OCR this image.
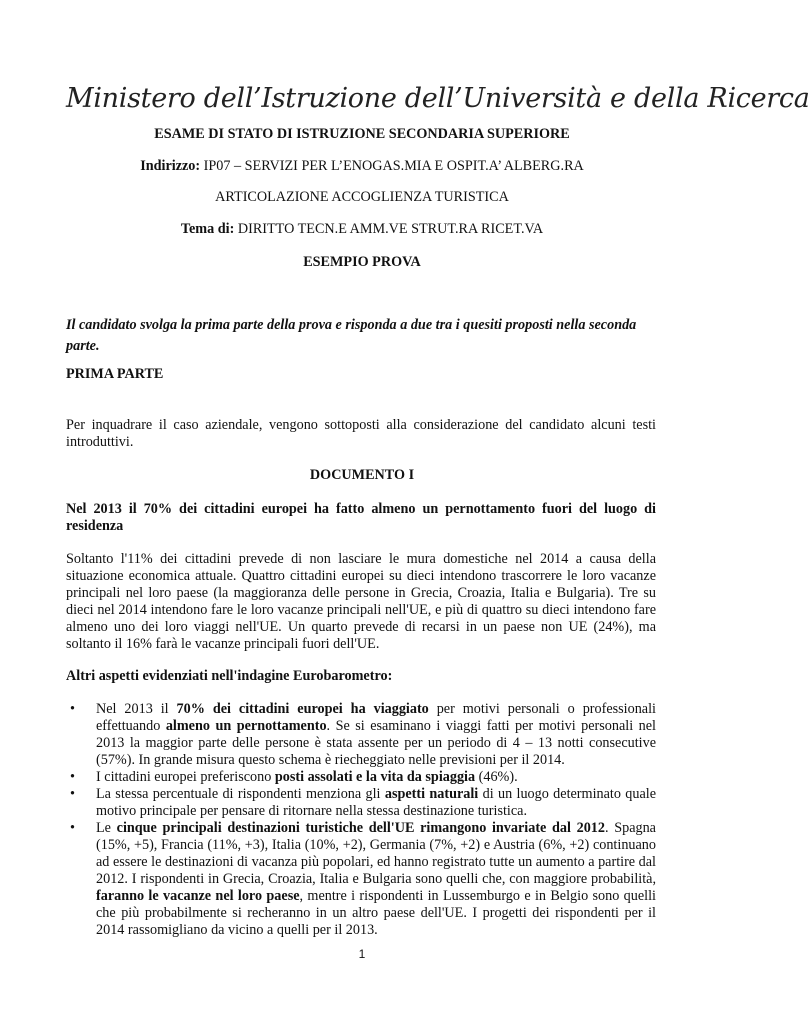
Ministero dell’Istruzione dell’Università e della Ricerca
ESAME DI STATO DI ISTRUZIONE SECONDARIA SUPERIORE
Indirizzo: IP07 – SERVIZI PER L’ENOGAS.MIA E OSPIT.A’ ALBERG.RA
ARTICOLAZIONE ACCOGLIENZA TURISTICA
Tema di: DIRITTO TECN.E AMM.VE STRUT.RA RICET.VA
ESEMPIO PROVA
Il candidato svolga la prima parte della prova e risponda a due tra i quesiti proposti nella seconda parte.
PRIMA PARTE
Per inquadrare il caso aziendale, vengono sottoposti alla considerazione del candidato alcuni testi introduttivi.
DOCUMENTO I
Nel 2013 il 70% dei cittadini europei ha fatto almeno un pernottamento fuori del luogo di residenza
Soltanto l'11% dei cittadini prevede di non lasciare le mura domestiche nel 2014 a causa della situazione economica attuale. Quattro cittadini europei su dieci intendono trascorrere le loro vacanze principali nel loro paese (la maggioranza delle persone in Grecia, Croazia, Italia e Bulgaria). Tre su dieci nel 2014 intendono fare le loro vacanze principali nell'UE, e più di quattro su dieci intendono fare almeno uno dei loro viaggi nell'UE. Un quarto prevede di recarsi in un paese non UE (24%), ma soltanto il 16% farà le vacanze principali fuori dell'UE.
Altri aspetti evidenziati nell'indagine Eurobarometro:
• Nel 2013 il 70% dei cittadini europei ha viaggiato per motivi personali o professionali effettuando almeno un pernottamento. Se si esaminano i viaggi fatti per motivi personali nel 2013 la maggior parte delle persone è stata assente per un periodo di 4 – 13 notti consecutive (57%). In grande misura questo schema è riecheggiato nelle previsioni per il 2014.
• I cittadini europei preferiscono posti assolati e la vita da spiaggia (46%).
• La stessa percentuale di rispondenti menziona gli aspetti naturali di un luogo determinato quale motivo principale per pensare di ritornare nella stessa destinazione turistica.
• Le cinque principali destinazioni turistiche dell'UE rimangono invariate dal 2012. Spagna (15%, +5), Francia (11%, +3), Italia (10%, +2), Germania (7%, +2) e Austria (6%, +2) continuano ad essere le destinazioni di vacanza più popolari, ed hanno registrato tutte un aumento a partire dal 2012. I rispondenti in Grecia, Croazia, Italia e Bulgaria sono quelli che, con maggiore probabilità, faranno le vacanze nel loro paese, mentre i rispondenti in Lussemburgo e in Belgio sono quelli che più probabilmente si recheranno in un altro paese dell'UE. I progetti dei rispondenti per il 2014 rassomigliano da vicino a quelli per il 2013.
1
